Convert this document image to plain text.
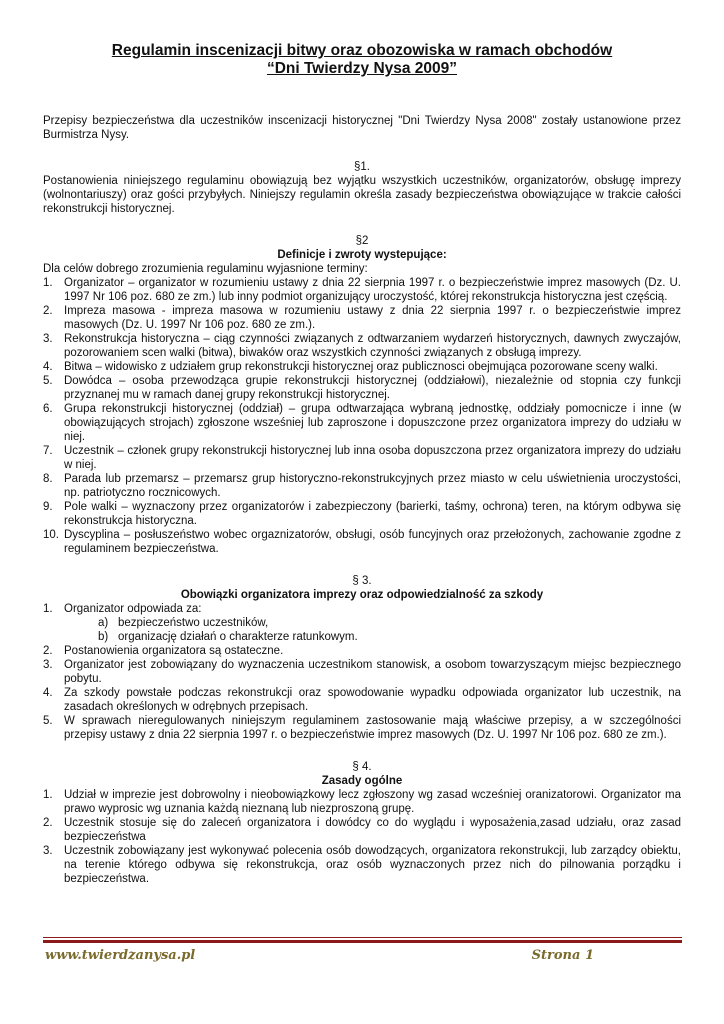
Regulamin inscenizacji bitwy oraz obozowiska w ramach obchodów
“Dni Twierdzy Nysa 2009”
Przepisy bezpieczeństwa dla uczestników inscenizacji historycznej "Dni Twierdzy Nysa 2008" zostały ustanowione przez Burmistrza Nysy.
§1.
Postanowienia niniejszego regulaminu obowiązują bez wyjątku wszystkich uczestników, organizatorów, obsługę imprezy (wolnontariuszy) oraz gości przybyłych. Niniejszy regulamin określa zasady bezpieczeństwa obowiązujące w trakcie całości rekonstrukcji historycznej.
§2
Definicje i zwroty wystepujące:
Dla celów dobrego zrozumienia regulaminu wyjasnione terminy:
1. Organizator – organizator w rozumieniu ustawy z dnia 22 sierpnia 1997 r. o bezpieczeństwie imprez masowych (Dz. U. 1997 Nr 106 poz. 680 ze zm.) lub inny podmiot organizujący uroczystość, której rekonstrukcja historyczna jest częścią.
2. Impreza masowa - impreza masowa w rozumieniu ustawy z dnia 22 sierpnia 1997 r. o bezpieczeństwie imprez masowych (Dz. U. 1997 Nr 106 poz. 680 ze zm.).
3. Rekonstrukcja historyczna – ciąg czynności związanych z odtwarzaniem wydarzeń historycznych, dawnych zwyczajów, pozorowaniem scen walki (bitwa), biwaków oraz wszystkich czynności związanych z obsługą imprezy.
4. Bitwa – widowisko z udziałem grup rekonstrukcji historycznej oraz publicznosci obejmująca pozorowane sceny walki.
5. Dowódca – osoba przewodząca grupie rekonstrukcji historycznej (oddziałowi), niezależnie od stopnia czy funkcji przyznanej mu w ramach danej grupy rekonstrukcji historycznej.
6. Grupa rekonstrukcji historycznej (oddział) – grupa odtwarzająca wybraną jednostkę, oddziały pomocnicze i inne (w obowiązujących strojach) zgłoszone wsześniej lub zaproszone i dopuszczone przez organizatora imprezy do udziału w niej.
7. Uczestnik – członek grupy rekonstrukcji historycznej lub inna osoba dopuszczona przez organizatora imprezy do udziału w niej.
8. Parada lub przemarsz – przemarsz grup historyczno-rekonstrukcyjnych przez miasto w celu uświetnienia uroczystości, np. patriotyczno rocznicowych.
9. Pole walki – wyznaczony przez organizatorów i zabezpieczony (barierki, taśmy, ochrona) teren, na którym odbywa się rekonstrukcja historyczna.
10. Dyscyplina – posłuszeństwo wobec orgaznizatorów, obsługi, osób funcyjnych oraz przełożonych, zachowanie zgodne z regulaminem bezpieczeństwa.
§ 3.
Obowiązki organizatora imprezy oraz odpowiedzialność za szkody
1. Organizator odpowiada za:
a) bezpieczeństwo uczestników,
b) organizację działań o charakterze ratunkowym.
2. Postanowienia organizatora są ostateczne.
3. Organizator jest zobowiązany do wyznaczenia uczestnikom stanowisk, a osobom towarzyszącym miejsc bezpiecznego pobytu.
4. Za szkody powstałe podczas rekonstrukcji oraz spowodowanie wypadku odpowiada organizator lub uczestnik, na zasadach określonych w odrębnych przepisach.
5. W sprawach nieregulowanych niniejszym regulaminem zastosowanie mają właściwe przepisy, a w szczególności przepisy ustawy z dnia 22 sierpnia 1997 r. o bezpieczeństwie imprez masowych (Dz. U. 1997 Nr 106 poz. 680 ze zm.).
§ 4.
Zasady ogólne
1. Udział w imprezie jest dobrowolny i nieobowiązkowy lecz zgłoszony wg zasad wcześniej oranizatorowi. Organizator ma prawo wyprosic wg uznania każdą nieznaną lub niezproszoną grupę.
2. Uczestnik stosuje się do zaleceń organizatora i dowódcy co do wyglądu i wyposażenia,zasad udziału, oraz zasad bezpieczeństwa
3. Uczestnik zobowiązany jest wykonywać polecenia osób dowodzących, organizatora rekonstrukcji, lub zarządcy obiektu, na terenie którego odbywa się rekonstrukcja, oraz osób wyznaczonych przez nich do pilnowania porządku i bezpieczeństwa.
www.twierdzanysa.pl	Strona 1
